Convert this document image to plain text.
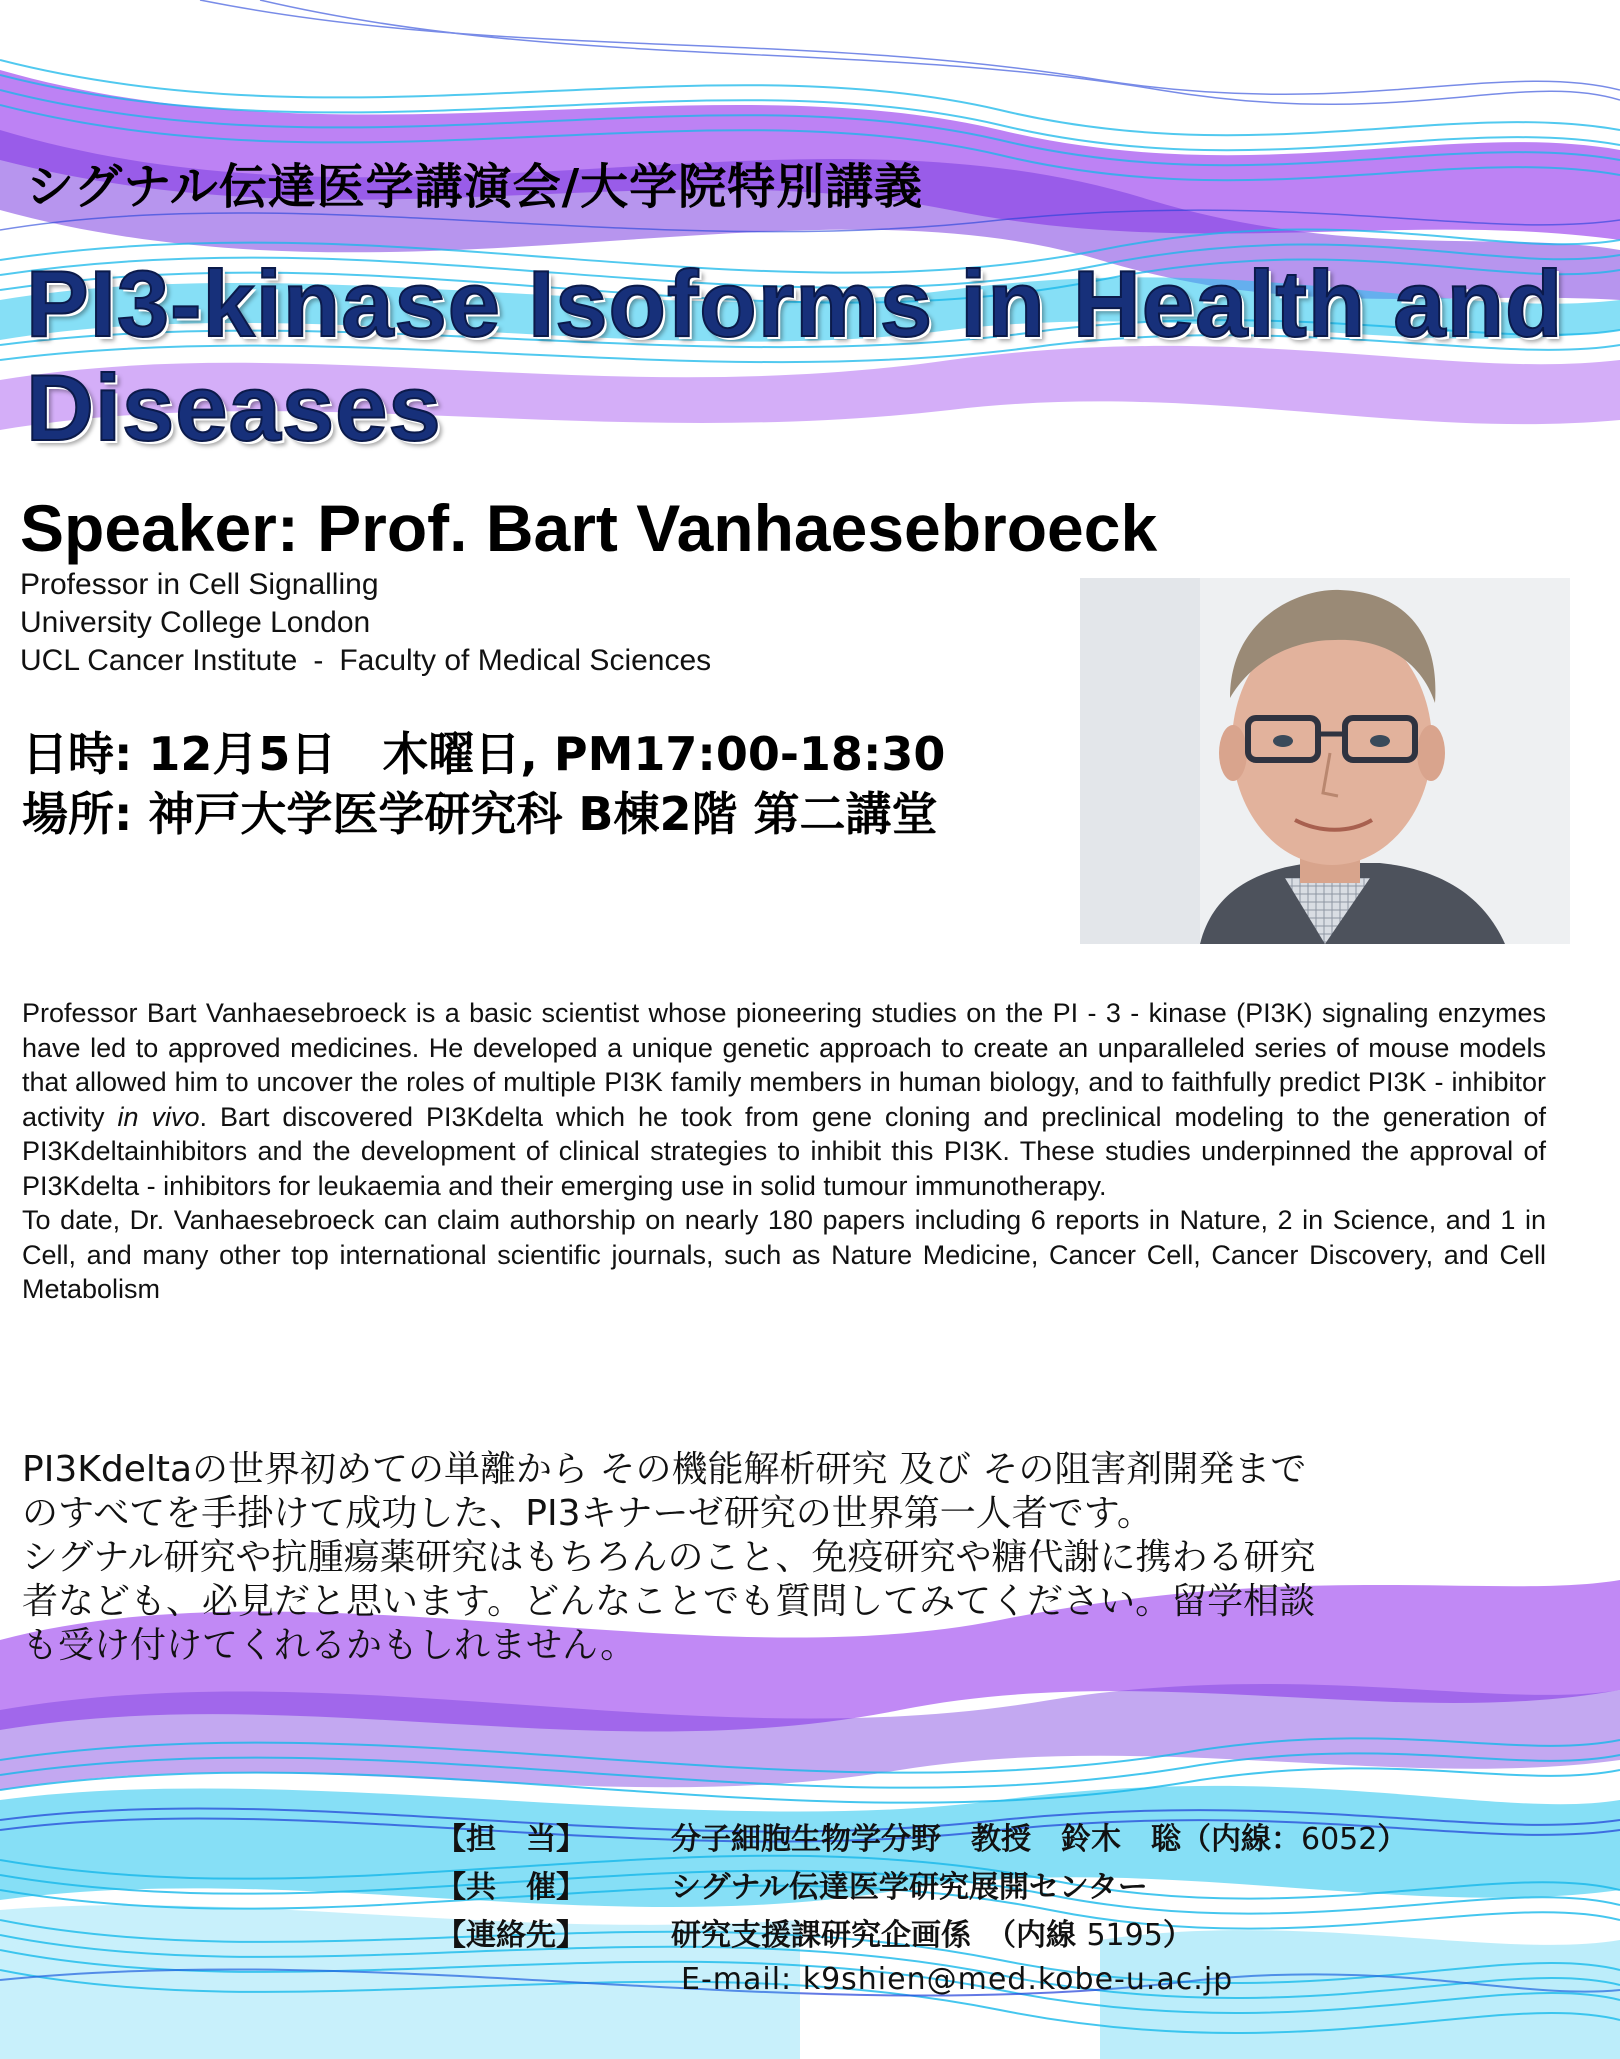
シグナル伝達医学講演会/大学院特別講義
PI3-kinase Isoforms in Health and Diseases
Speaker: Prof. Bart Vanhaesebroeck
Professor in Cell Signalling
University College London
UCL Cancer Institute - Faculty of Medical Sciences
日時: 12月5日　木曜日, PM17:00-18:30
場所: 神戸大学医学研究科 B棟2階 第二講堂

Professor Bart Vanhaesebroeck is a basic scientist whose pioneering studies on the PI - 3 - kinase (PI3K) signaling enzymes have led to approved medicines. He developed a unique genetic approach to create an unparalleled series of mouse models that allowed him to uncover the roles of multiple PI3K family members in human biology, and to faithfully predict PI3K - inhibitor activity in vivo. Bart discovered PI3Kdelta which he took from gene cloning and preclinical modeling to the generation of PI3Kdeltainhibitors and the development of clinical strategies to inhibit this PI3K. These studies underpinned the approval of PI3Kdelta - inhibitors for leukaemia and their emerging use in solid tumour immunotherapy.

To date, Dr. Vanhaesebroeck can claim authorship on nearly 180 papers including 6 reports in Nature, 2 in Science, and 1 in Cell, and many other top international scientific journals, such as Nature Medicine, Cancer Cell, Cancer Discovery, and Cell Metabolism

PI3Kdeltaの世界初めての単離から その機能解析研究 及び その阻害剤開発まで
のすべてを手掛けて成功した、PI3キナーゼ研究の世界第一人者です。
シグナル研究や抗腫瘍薬研究はもちろんのこと、免疫研究や糖代謝に携わる研究
者なども、必見だと思います。どんなことでも質問してみてください。留学相談
も受け付けてくれるかもしれません。
【担　当】	分子細胞生物学分野　教授　鈴木　聡（内線：6052）
【共　催】	シグナル伝達医学研究展開センター
【連絡先】	研究支援課研究企画係　（内線 5195）
E-mail: k9shien@med.kobe-u.ac.jp
